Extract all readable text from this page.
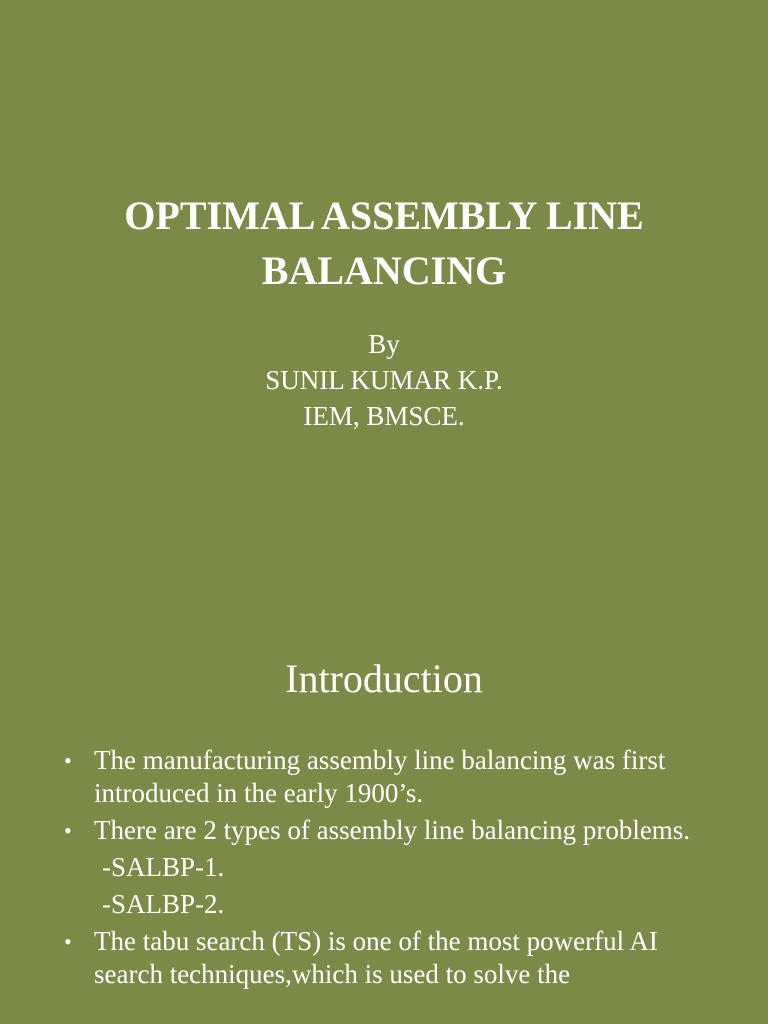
OPTIMAL ASSEMBLY LINE
BALANCING
By
SUNIL KUMAR K.P.
IEM, BMSCE.
Introduction
• The manufacturing assembly line balancing was first introduced in the early 1900’s.
• There are 2 types of assembly line balancing problems.
-SALBP-1.
-SALBP-2.
• The tabu search (TS) is one of the most powerful AI search techniques,which is used to solve the
